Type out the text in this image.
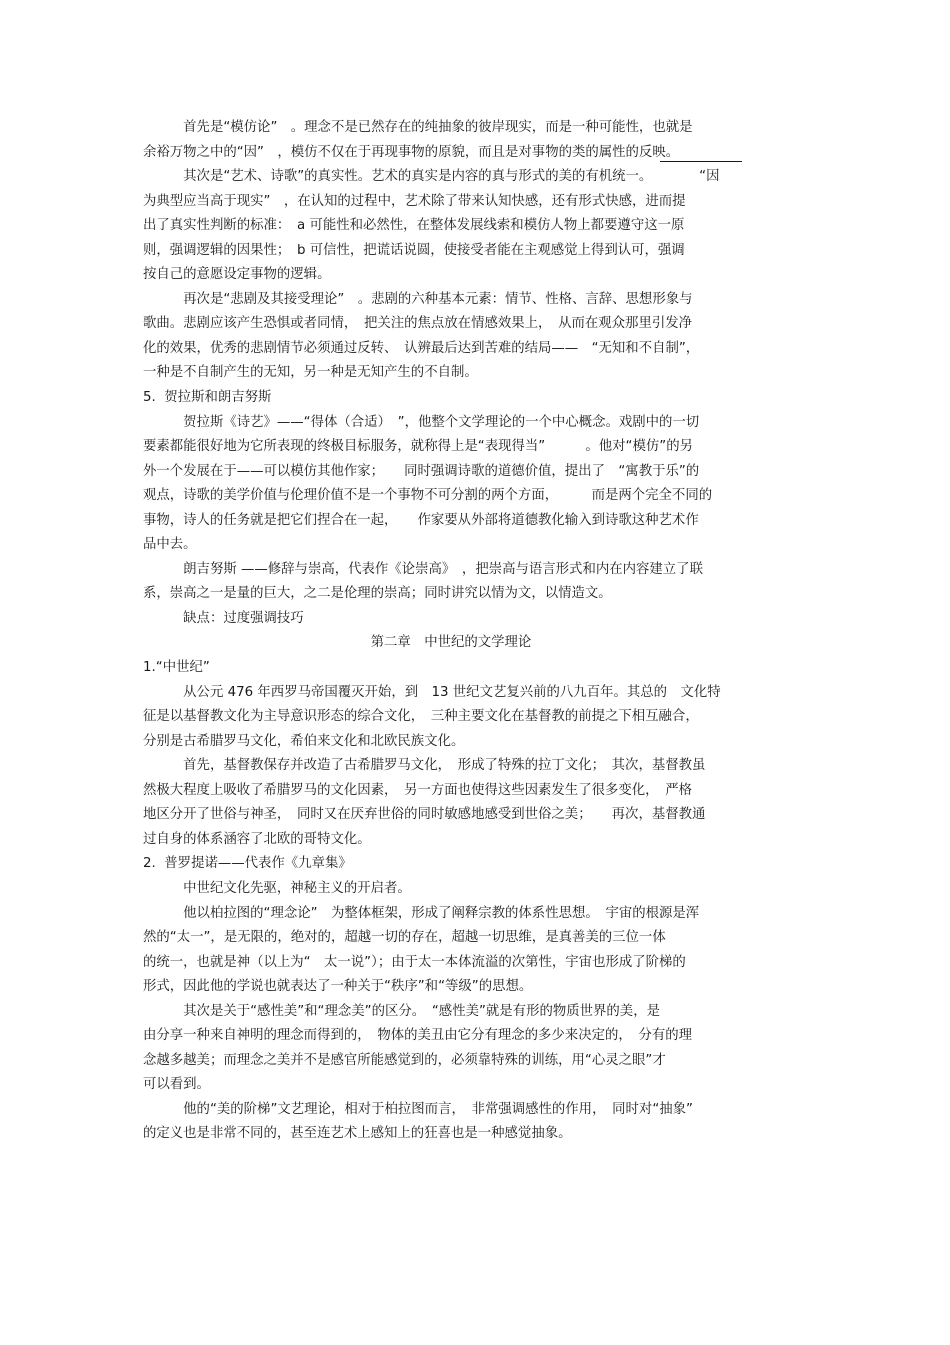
　　　首先是“模仿论”　。理念不是已然存在的纯抽象的彼岸现实，而是一种可能性，也就是
余裕万物之中的“因”　，模仿不仅在于再现事物的原貌，而且是对事物的类的属性的反映。
　　　其次是“艺术、诗歌”的真实性。艺术的真实是内容的真与形式的美的有机统一。　　　　“因
为典型应当高于现实”　，在认知的过程中，艺术除了带来认知快感，还有形式快感，进而提
出了真实性判断的标准：　a 可能性和必然性，在整体发展线索和模仿人物上都要遵守这一原
则，强调逻辑的因果性；　b 可信性，把谎话说圆，使接受者能在主观感觉上得到认可，强调
按自己的意愿设定事物的逻辑。
　　　再次是“悲剧及其接受理论”　。悲剧的六种基本元素：情节、性格、言辞、思想形象与
歌曲。悲剧应该产生恐惧或者同情，　把关注的焦点放在情感效果上，　从而在观众那里引发净
化的效果，优秀的悲剧情节必须通过反转、　认辨最后达到苦难的结局——　“无知和不自制”，
一种是不自制产生的无知，另一种是无知产生的不自制。
5.  贺拉斯和朗吉努斯
　　　贺拉斯《诗艺》——“得体（合适）　”，他整个文学理论的一个中心概念。戏剧中的一切
要素都能很好地为它所表现的终极目标服务，就称得上是“表现得当”　　　。他对“模仿”的另
外一个发展在于——可以模仿其他作家；　　同时强调诗歌的道德价值，提出了　“寓教于乐”的
观点，诗歌的美学价值与伦理价值不是一个事物不可分割的两个方面，　　　而是两个完全不同的
事物，诗人的任务就是把它们捏合在一起，　　作家要从外部将道德教化输入到诗歌这种艺术作
品中去。
　　　朗吉努斯 ——修辞与崇高，代表作《论崇高》　，把崇高与语言形式和内在内容建立了联
系，崇高之一是量的巨大，之二是伦理的崇高；同时讲究以情为文，以情造文。
　　　缺点：过度强调技巧
　　　　　　　　　　　　　　　　　第二章　中世纪的文学理论
1.“中世纪”
　　　从公元 476 年西罗马帝国覆灭开始，到　13 世纪文艺复兴前的八九百年。其总的　文化特
征是以基督教文化为主导意识形态的综合文化，　三种主要文化在基督教的前提之下相互融合，
分别是古希腊罗马文化，希伯来文化和北欧民族文化。
　　　首先，基督教保存并改造了古希腊罗马文化，　形成了特殊的拉丁文化；　其次，基督教虽
然极大程度上吸收了希腊罗马的文化因素，　另一方面也使得这些因素发生了很多变化，　严格
地区分开了世俗与神圣，　同时又在厌弃世俗的同时敏感地感受到世俗之美；　　再次，基督教通
过自身的体系涵容了北欧的哥特文化。
2.  普罗提诺——代表作《九章集》
　　　中世纪文化先驱，神秘主义的开启者。
　　　他以柏拉图的“理念论”　为整体框架，形成了阐释宗教的体系性思想。　宇宙的根源是浑
然的“太一”，是无限的，绝对的，超越一切的存在，超越一切思维，是真善美的三位一体
的统一，也就是神（以上为“　太一说”）；由于太一本体流溢的次第性，宇宙也形成了阶梯的
形式，因此他的学说也就表达了一种关于“秩序”和“等级”的思想。
　　　其次是关于“感性美”和“理念美”的区分。　“感性美”就是有形的物质世界的美，是
由分享一种来自神明的理念而得到的，　物体的美丑由它分有理念的多少来决定的，　分有的理
念越多越美；而理念之美并不是感官所能感觉到的，必须靠特殊的训练，用“心灵之眼”才
可以看到。
　　　他的“美的阶梯”文艺理论，相对于柏拉图而言，　非常强调感性的作用，　同时对“抽象”
的定义也是非常不同的，甚至连艺术上感知上的狂喜也是一种感觉抽象。
